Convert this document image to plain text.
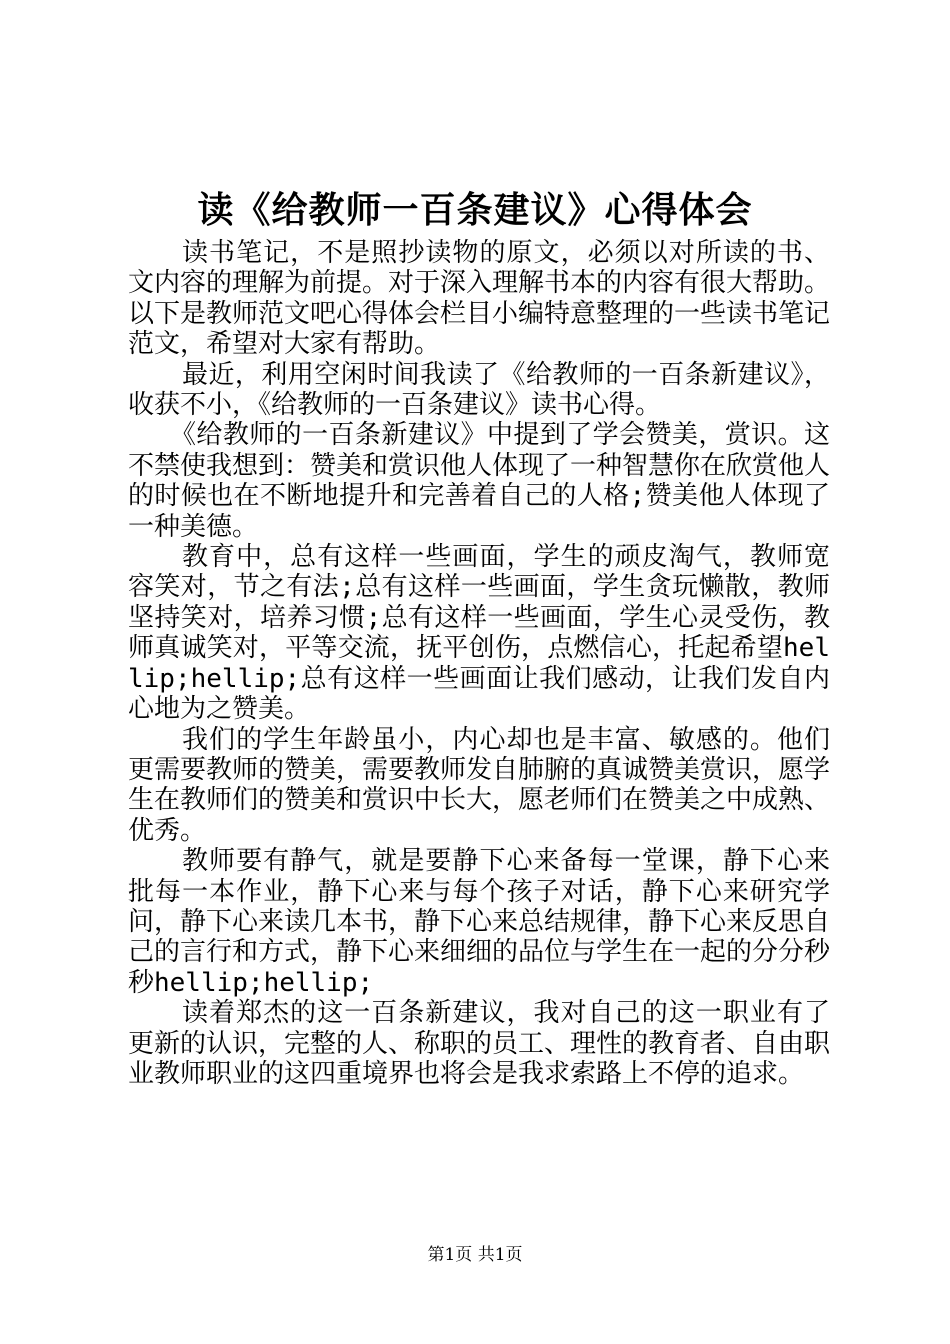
读《给教师一百条建议》心得体会

读书笔记，不是照抄读物的原文，必须以对所读的书、文内容的理解为前提。对于深入理解书本的内容有很大帮助。以下是教师范文吧心得体会栏目小编特意整理的一些读书笔记范文，希望对大家有帮助。

最近，利用空闲时间我读了《给教师的一百条新建议》，收获不小，《给教师的一百条建议》读书心得。

《给教师的一百条新建议》中提到了学会赞美，赏识。这不禁使我想到：赞美和赏识他人体现了一种智慧你在欣赏他人的时候也在不断地提升和完善着自己的人格;赞美他人体现了一种美德。

教育中，总有这样一些画面，学生的顽皮淘气，教师宽容笑对，节之有法;总有这样一些画面，学生贪玩懒散，教师坚持笑对，培养习惯;总有这样一些画面，学生心灵受伤，教师真诚笑对，平等交流，抚平创伤，点燃信心，托起希望hellip;hellip;总有这样一些画面让我们感动，让我们发自内心地为之赞美。

我们的学生年龄虽小，内心却也是丰富、敏感的。他们更需要教师的赞美，需要教师发自肺腑的真诚赞美赏识，愿学生在教师们的赞美和赏识中长大，愿老师们在赞美之中成熟、优秀。

教师要有静气，就是要静下心来备每一堂课，静下心来批每一本作业，静下心来与每个孩子对话，静下心来研究学问，静下心来读几本书，静下心来总结规律，静下心来反思自己的言行和方式，静下心来细细的品位与学生在一起的分分秒秒hellip;hellip;

读着郑杰的这一百条新建议，我对自己的这一职业有了更新的认识，完整的人、称职的员工、理性的教育者、自由职业教师职业的这四重境界也将会是我求索路上不停的追求。

第1页 共1页
